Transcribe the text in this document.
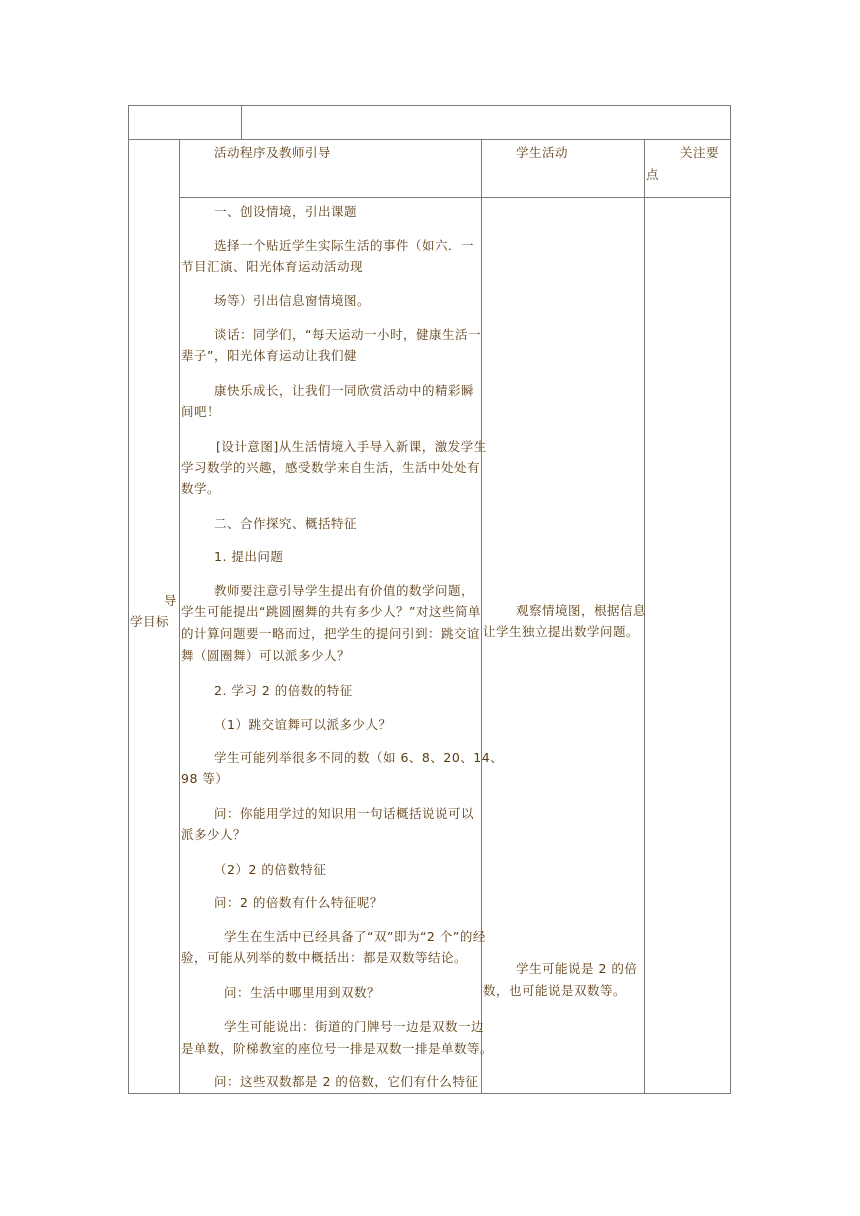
活动程序及教师引导	学生活动	关注要
点
导
学目标
一、创设情境，引出课题
选择一个贴近学生实际生活的事件（如六．一
节目汇演、阳光体育运动活动现
场等）引出信息窗情境图。
谈话：同学们，“每天运动一小时，健康生活一
辈子”，阳光体育运动让我们健
康快乐成长，让我们一同欣赏活动中的精彩瞬
间吧！
[设计意图]从生活情境入手导入新课，激发学生
学习数学的兴趣，感受数学来自生活，生活中处处有
数学。
二、合作探究、概括特征
1. 提出问题
教师要注意引导学生提出有价值的数学问题，
学生可能提出“跳圆圈舞的共有多少人？”对这些简单
的计算问题要一略而过，把学生的提问引到：跳交谊
舞（圆圈舞）可以派多少人？
2. 学习 2 的倍数的特征
（1）跳交谊舞可以派多少人？
学生可能列举很多不同的数（如 6、8、20、14、
98 等）
问：你能用学过的知识用一句话概括说说可以
派多少人？
（2）2 的倍数特征
问：2 的倍数有什么特征呢？
学生在生活中已经具备了“双”即为“2 个”的经
验，可能从列举的数中概括出：都是双数等结论。
问：生活中哪里用到双数？
学生可能说出：街道的门牌号一边是双数一边
是单数，阶梯教室的座位号一排是双数一排是单数等。
问：这些双数都是 2 的倍数，它们有什么特征
观察情境图，根据信息
让学生独立提出数学问题。
学生可能说是 2 的倍
数，也可能说是双数等。
